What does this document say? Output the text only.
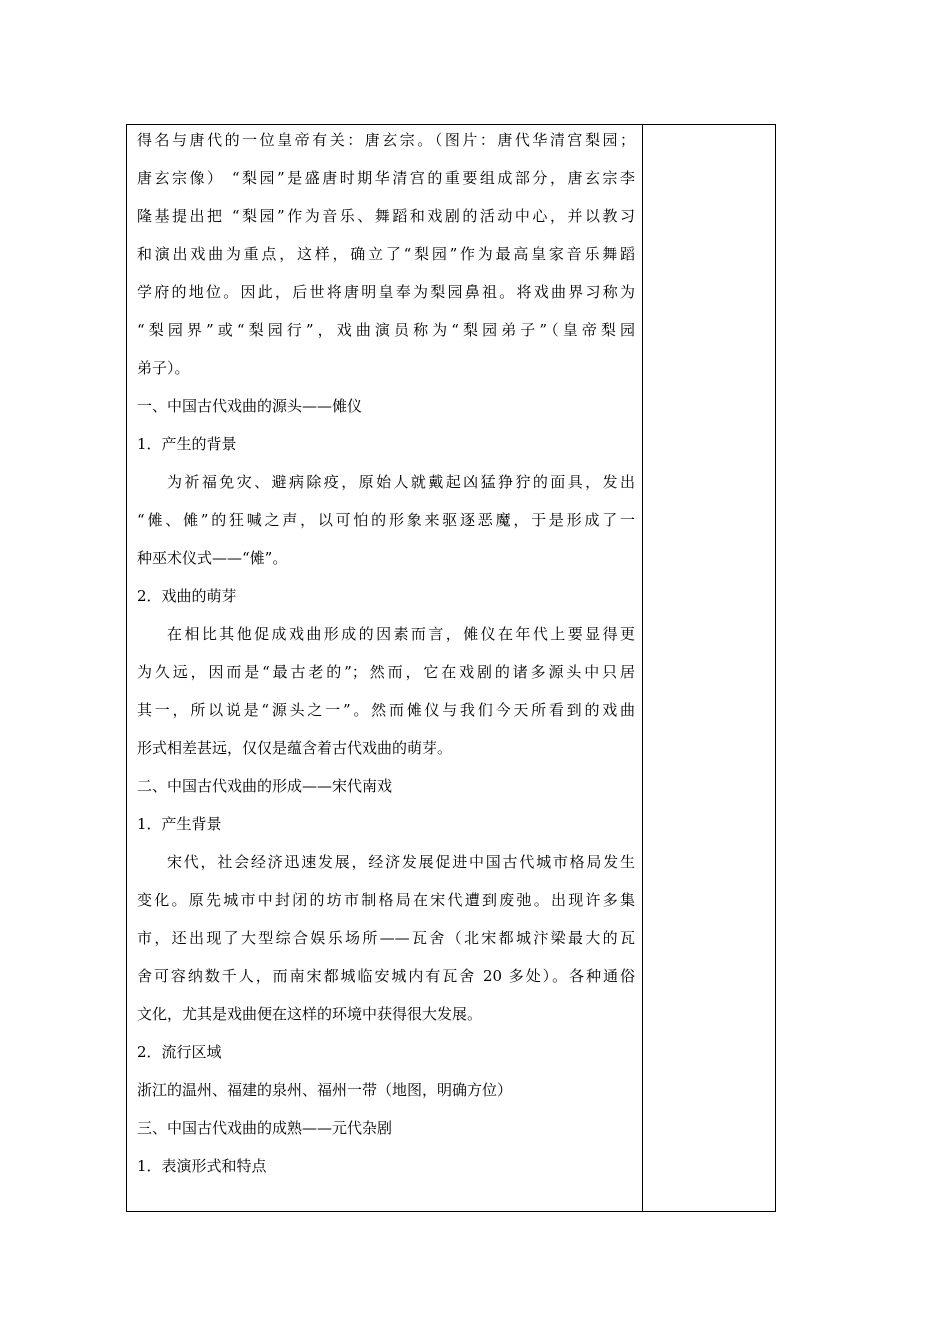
得名与唐代的一位皇帝有关：唐玄宗。（图片：唐代华清宫梨园；
唐玄宗像） “梨园”是盛唐时期华清宫的重要组成部分，唐玄宗李
隆基提出把 “梨园”作为音乐、舞蹈和戏剧的活动中心，并以教习
和演出戏曲为重点，这样，确立了“梨园”作为最高皇家音乐舞蹈
学府的地位。因此，后世将唐明皇奉为梨园鼻祖。将戏曲界习称为
“梨园界”或“梨园行”，戏曲演员称为“梨园弟子”（皇帝梨园
弟子）。
一、中国古代戏曲的源头——傩仪
1．产生的背景
为祈福免灾、避病除疫，原始人就戴起凶猛狰狞的面具，发出
“傩、傩”的狂喊之声，以可怕的形象来驱逐恶魔，于是形成了一
种巫术仪式——“傩”。
2．戏曲的萌芽
在相比其他促成戏曲形成的因素而言，傩仪在年代上要显得更
为久远，因而是“最古老的”；然而，它在戏剧的诸多源头中只居
其一，所以说是“源头之一”。然而傩仪与我们今天所看到的戏曲
形式相差甚远，仅仅是蕴含着古代戏曲的萌芽。
二、中国古代戏曲的形成——宋代南戏
1．产生背景
宋代，社会经济迅速发展，经济发展促进中国古代城市格局发生
变化。原先城市中封闭的坊市制格局在宋代遭到废弛。出现许多集
市，还出现了大型综合娱乐场所——瓦舍（北宋都城汴梁最大的瓦
舍可容纳数千人，而南宋都城临安城内有瓦舍 20 多处）。各种通俗
文化，尤其是戏曲便在这样的环境中获得很大发展。
2．流行区域
浙江的温州、福建的泉州、福州一带（地图，明确方位）
三、中国古代戏曲的成熟——元代杂剧
1．表演形式和特点
